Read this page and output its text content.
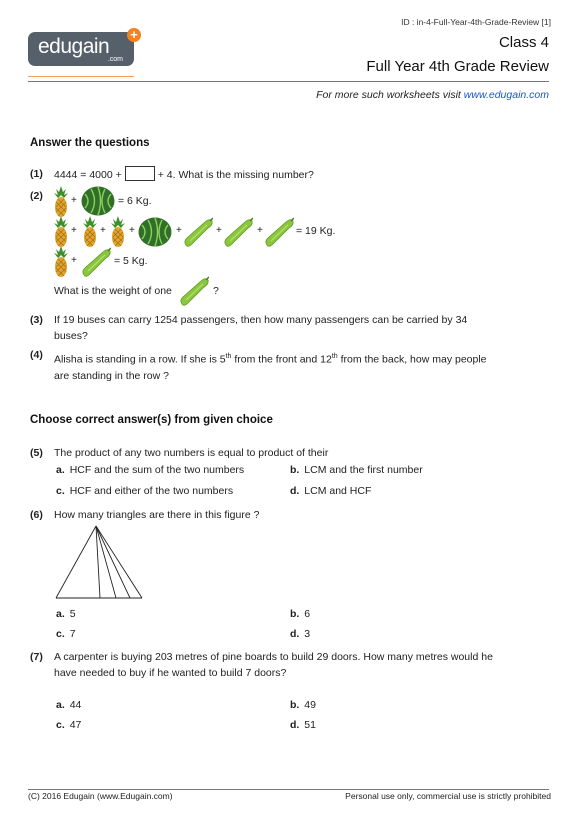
edugain
.com
+
ID : in-4-Full-Year-4th-Grade-Review [1]
Class 4
Full Year 4th Grade Review
For more such worksheets visit www.edugain.com
Answer the questions
(1) 4444 = 4000 +	+ 4. What is the missing number?
(2)	+	= 6 Kg.
+ + +	+	+	+	= 19 Kg.
+	= 5 Kg.
What is the weight of one	?
(3) If 19 buses can carry 1254 passengers, then how many passengers can be carried by 34
buses?
(4) Alisha is standing in a row. If she is 5th from the front and 12th from the back, how may people
are standing in the row ?
Choose correct answer(s) from given choice
(5) The product of any two numbers is equal to product of their
a. HCF and the sum of the two numbers	b. LCM and the first number
c. HCF and either of the two numbers	d. LCM and HCF
(6) How many triangles are there in this figure ?
a. 5	b. 6
c. 7	d. 3
(7) A carpenter is buying 203 metres of pine boards to build 29 doors. How many metres would he
have needed to buy if he wanted to build 7 doors?
a. 44	b. 49
c. 47	d. 51
(C) 2016 Edugain (www.Edugain.com)	Personal use only, commercial use is strictly prohibited
